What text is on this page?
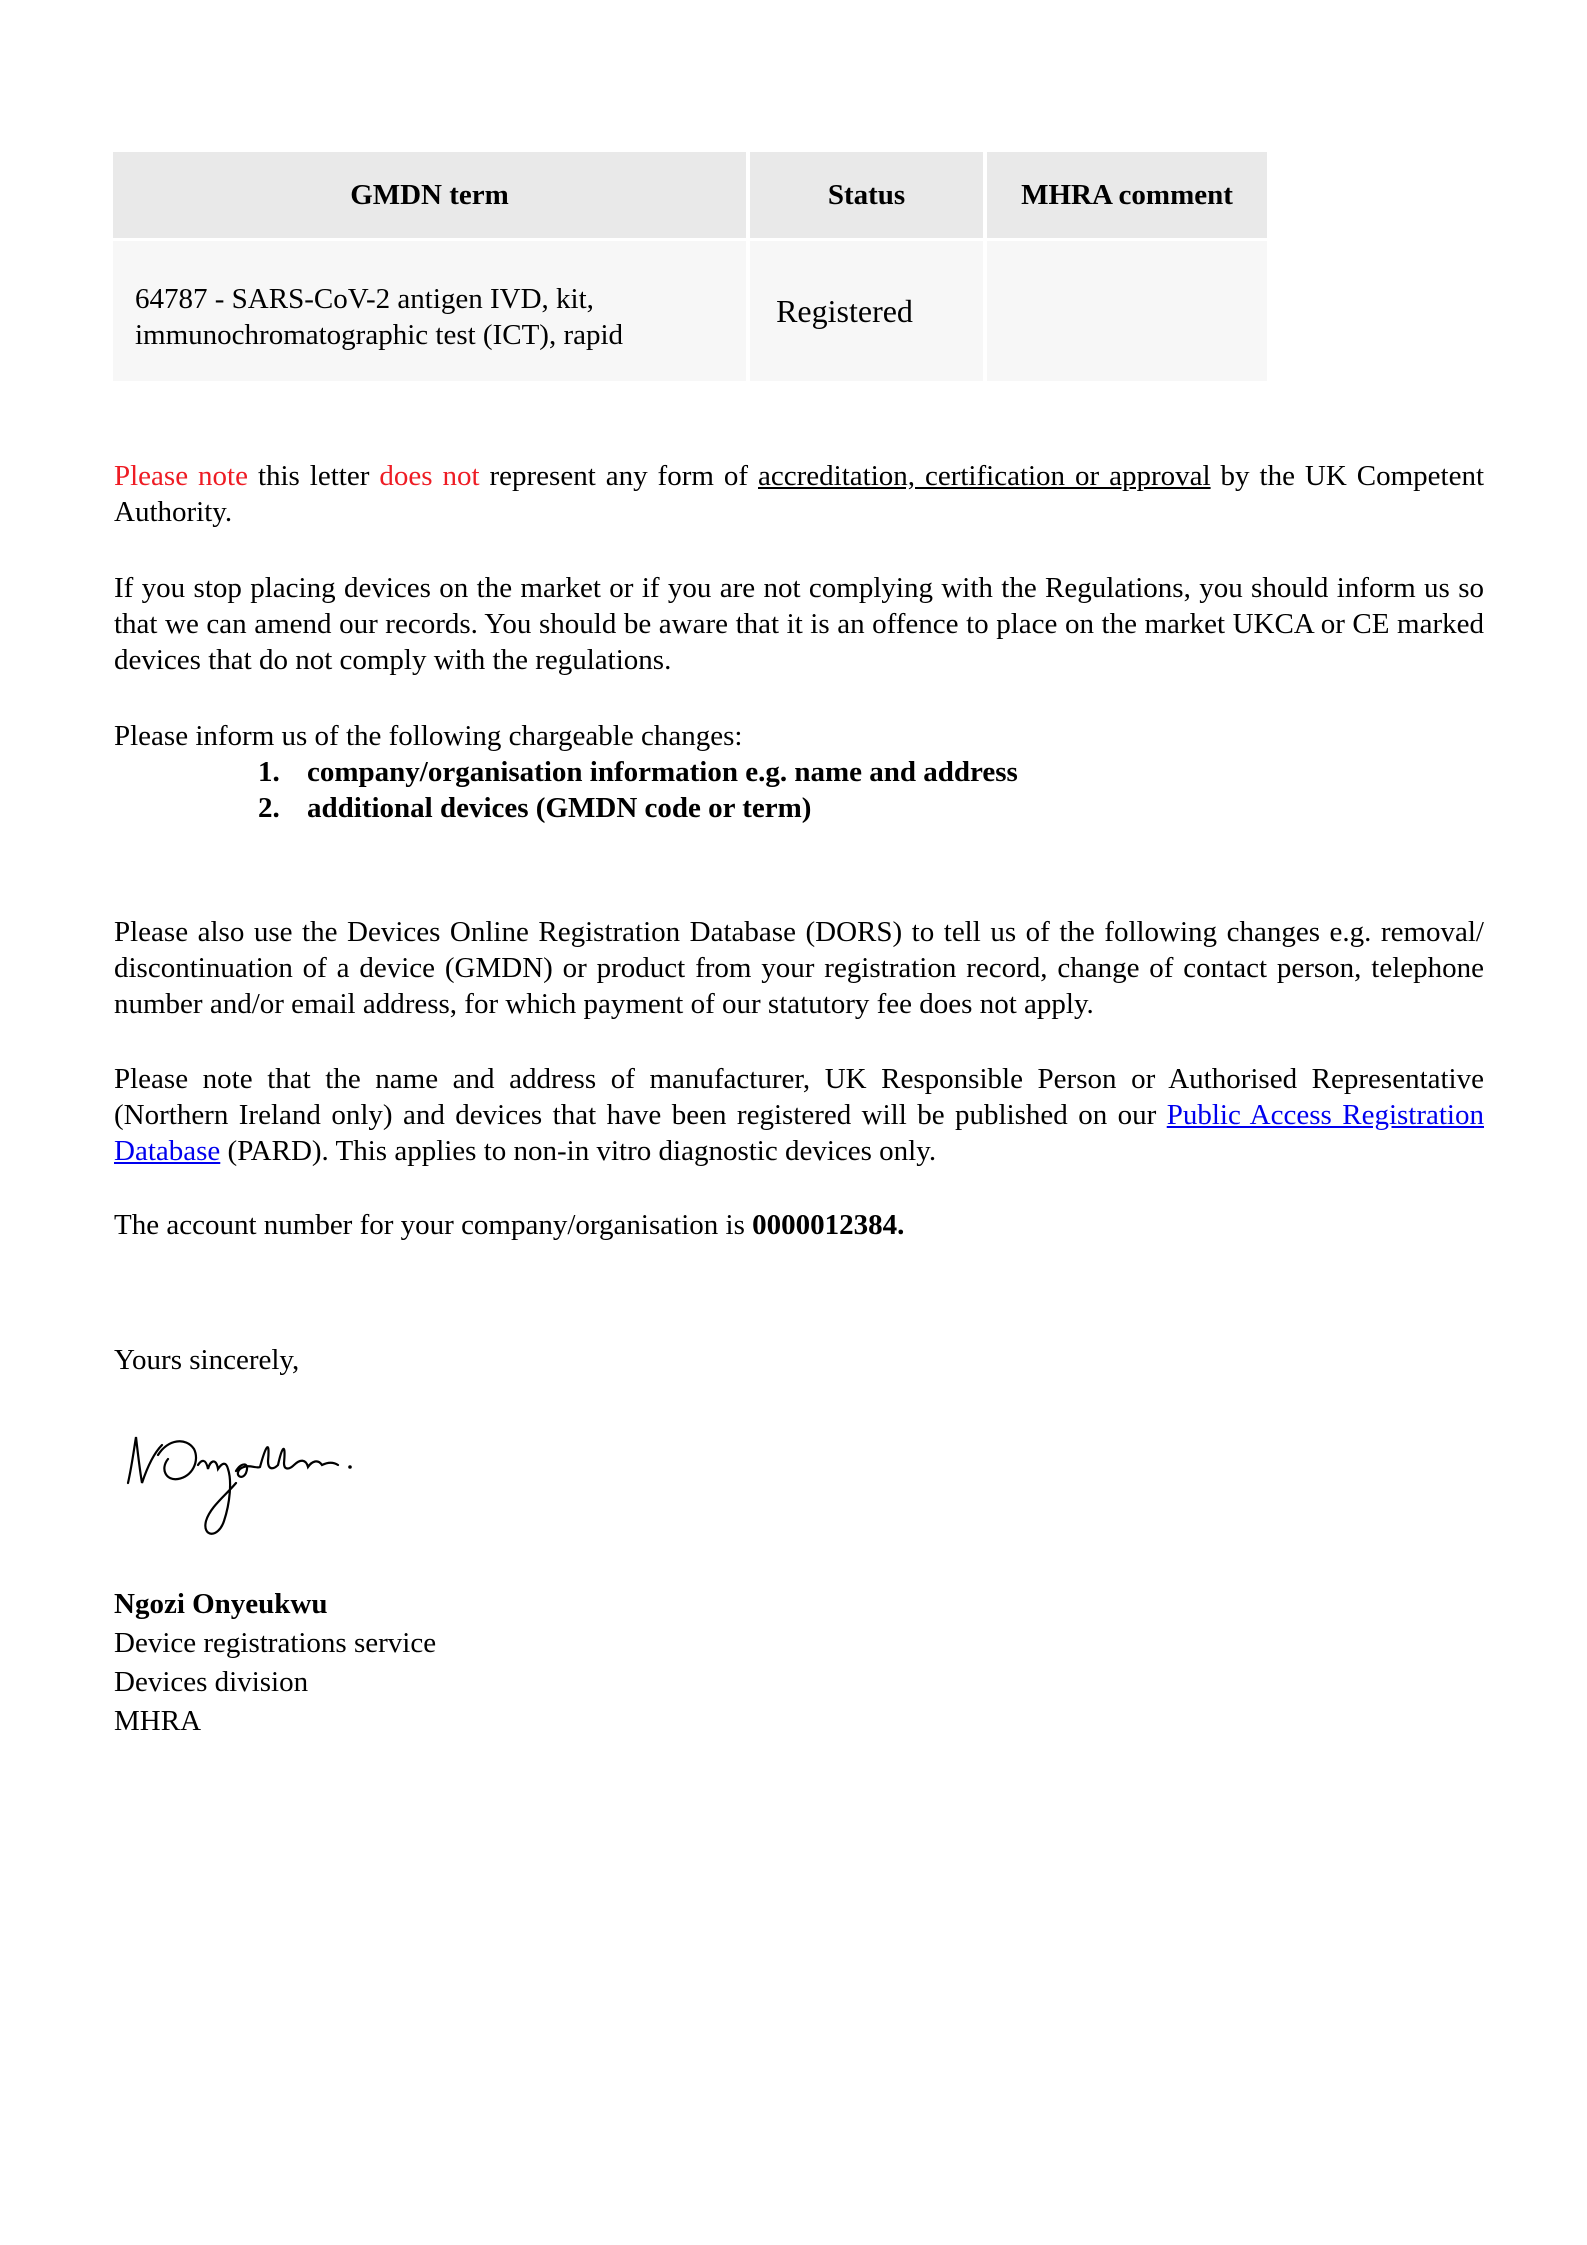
GMDN term	Status	MHRA comment
64787 - SARS-CoV-2 antigen IVD, kit,
immunochromatographic test (ICT), rapid
Registered
Please note this letter does not represent any form of accreditation, certification or approval by the UK Competent Authority.
If you stop placing devices on the market or if you are not complying with the Regulations, you should inform us so that we can amend our records. You should be aware that it is an offence to place on the market UKCA or CE marked devices that do not comply with the regulations.
Please inform us of the following chargeable changes:
1. company/organisation information e.g. name and address
2. additional devices (GMDN code or term)
Please also use the Devices Online Registration Database (DORS) to tell us of the following changes e.g. removal/ discontinuation of a device (GMDN) or product from your registration record, change of contact person, telephone number and/or email address, for which payment of our statutory fee does not apply.
Please note that the name and address of manufacturer, UK Responsible Person or Authorised Representative (Northern Ireland only) and devices that have been registered will be published on our Public Access Registration Database (PARD). This applies to non-in vitro diagnostic devices only.
The account number for your company/organisation is 0000012384.
Yours sincerely,
Ngozi Onyeukwu
Device registrations service
Devices division
MHRA
